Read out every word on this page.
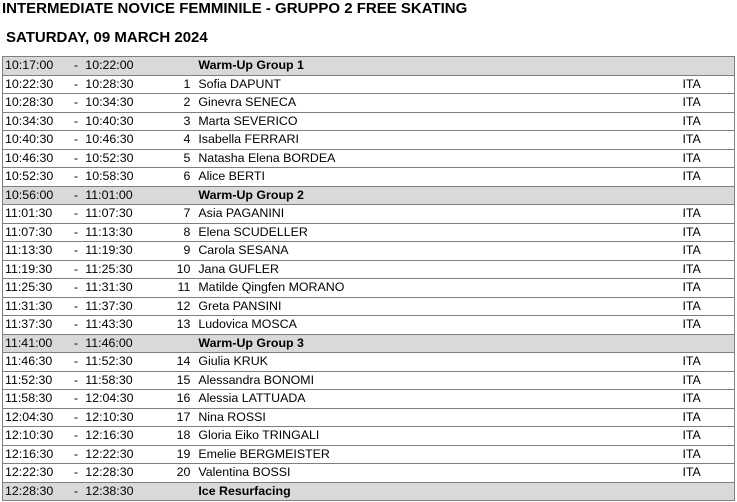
INTERMEDIATE NOVICE FEMMINILE - GRUPPO 2 FREE SKATING
SATURDAY, 09 MARCH 2024
10:17:00	-	10:22:00		Warm-Up Group 1	
10:22:30	-	10:28:30	1	Sofia DAPUNT	ITA
10:28:30	-	10:34:30	2	Ginevra SENECA	ITA
10:34:30	-	10:40:30	3	Marta SEVERICO	ITA
10:40:30	-	10:46:30	4	Isabella FERRARI	ITA
10:46:30	-	10:52:30	5	Natasha Elena BORDEA	ITA
10:52:30	-	10:58:30	6	Alice BERTI	ITA
10:56:00	-	11:01:00		Warm-Up Group 2	
11:01:30	-	11:07:30	7	Asia PAGANINI	ITA
11:07:30	-	11:13:30	8	Elena SCUDELLER	ITA
11:13:30	-	11:19:30	9	Carola SESANA	ITA
11:19:30	-	11:25:30	10	Jana GUFLER	ITA
11:25:30	-	11:31:30	11	Matilde Qingfen MORANO	ITA
11:31:30	-	11:37:30	12	Greta PANSINI	ITA
11:37:30	-	11:43:30	13	Ludovica MOSCA	ITA
11:41:00	-	11:46:00		Warm-Up Group 3	
11:46:30	-	11:52:30	14	Giulia KRUK	ITA
11:52:30	-	11:58:30	15	Alessandra BONOMI	ITA
11:58:30	-	12:04:30	16	Alessia LATTUADA	ITA
12:04:30	-	12:10:30	17	Nina ROSSI	ITA
12:10:30	-	12:16:30	18	Gloria Eiko TRINGALI	ITA
12:16:30	-	12:22:30	19	Emelie BERGMEISTER	ITA
12:22:30	-	12:28:30	20	Valentina BOSSI	ITA
12:28:30	-	12:38:30		Ice Resurfacing	
